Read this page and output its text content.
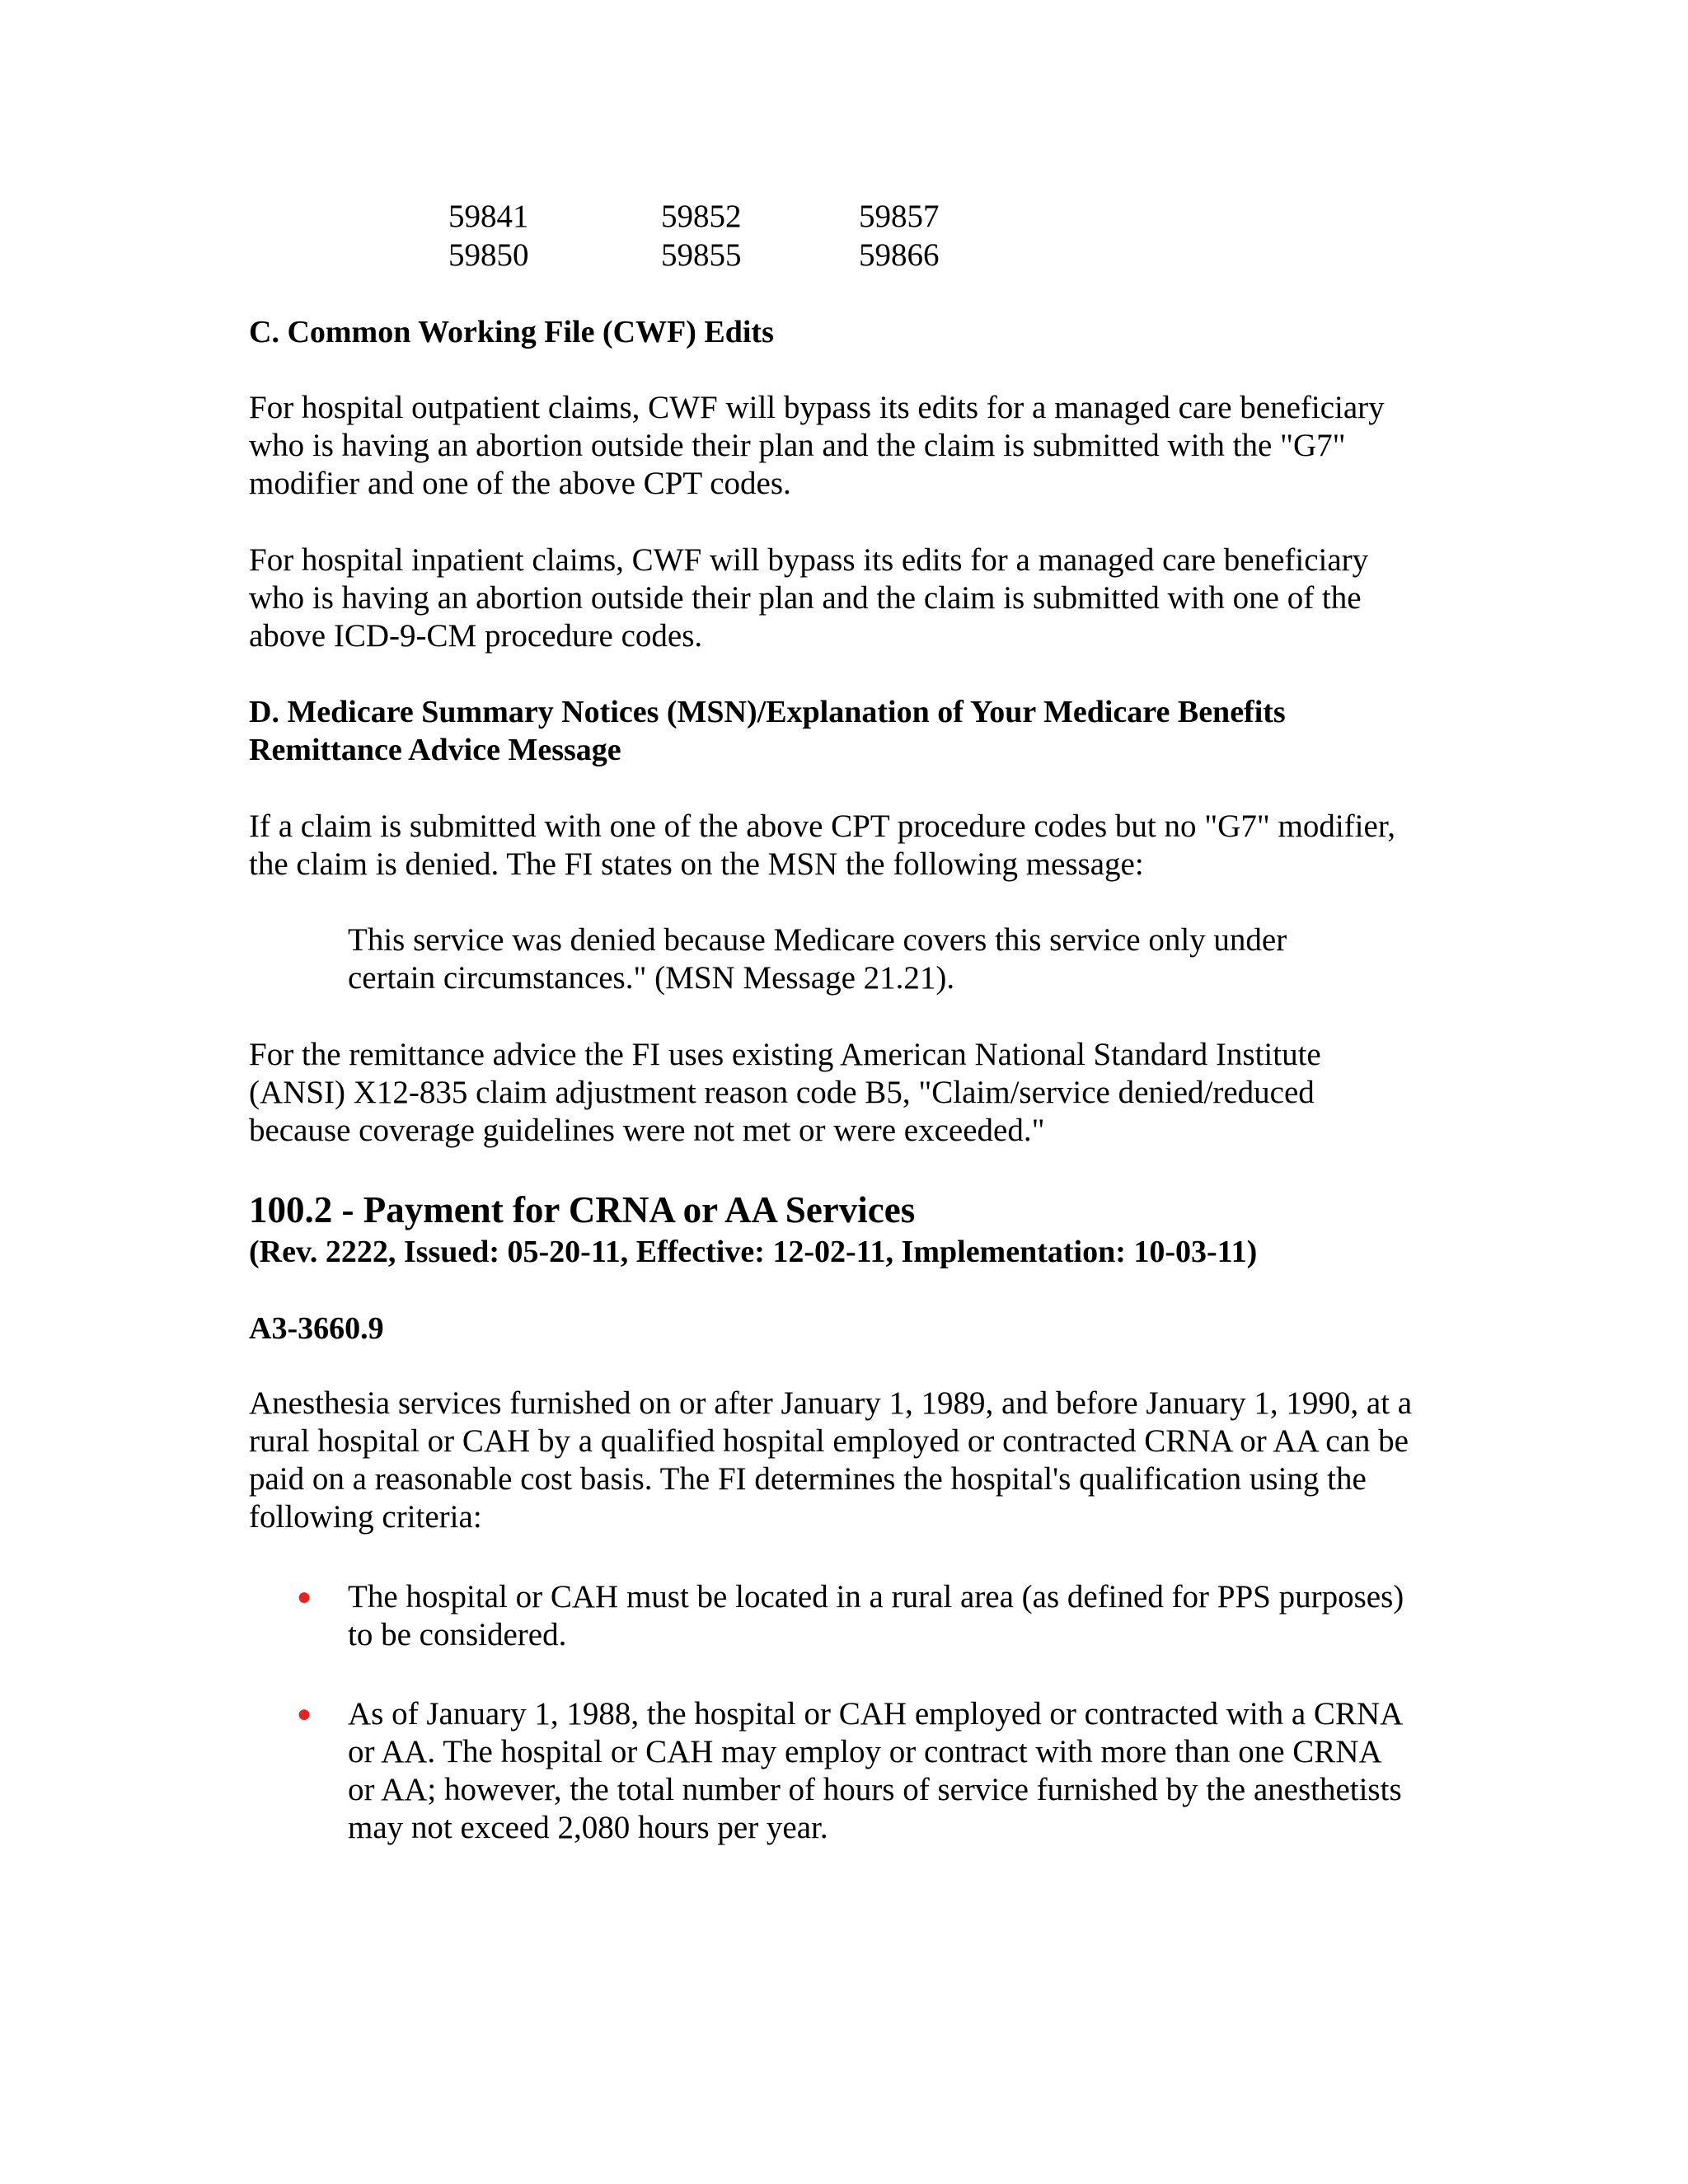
59841	59852	59857
59850	59855	59866
C. Common Working File (CWF) Edits
For hospital outpatient claims, CWF will bypass its edits for a managed care beneficiary
who is having an abortion outside their plan and the claim is submitted with the "G7"
modifier and one of the above CPT codes.
For hospital inpatient claims, CWF will bypass its edits for a managed care beneficiary
who is having an abortion outside their plan and the claim is submitted with one of the
above ICD-9-CM procedure codes.
D. Medicare Summary Notices (MSN)/Explanation of Your Medicare Benefits
Remittance Advice Message
If a claim is submitted with one of the above CPT procedure codes but no "G7" modifier,
the claim is denied. The FI states on the MSN the following message:
This service was denied because Medicare covers this service only under
certain circumstances." (MSN Message 21.21).
For the remittance advice the FI uses existing American National Standard Institute
(ANSI) X12-835 claim adjustment reason code B5, "Claim/service denied/reduced
because coverage guidelines were not met or were exceeded."
100.2 - Payment for CRNA or AA Services
(Rev. 2222, Issued: 05-20-11, Effective: 12-02-11, Implementation: 10-03-11)
A3-3660.9
Anesthesia services furnished on or after January 1, 1989, and before January 1, 1990, at a
rural hospital or CAH by a qualified hospital employed or contracted CRNA or AA can be
paid on a reasonable cost basis. The FI determines the hospital's qualification using the
following criteria:
● The hospital or CAH must be located in a rural area (as defined for PPS purposes)
to be considered.
● As of January 1, 1988, the hospital or CAH employed or contracted with a CRNA
or AA. The hospital or CAH may employ or contract with more than one CRNA
or AA; however, the total number of hours of service furnished by the anesthetists
may not exceed 2,080 hours per year.
